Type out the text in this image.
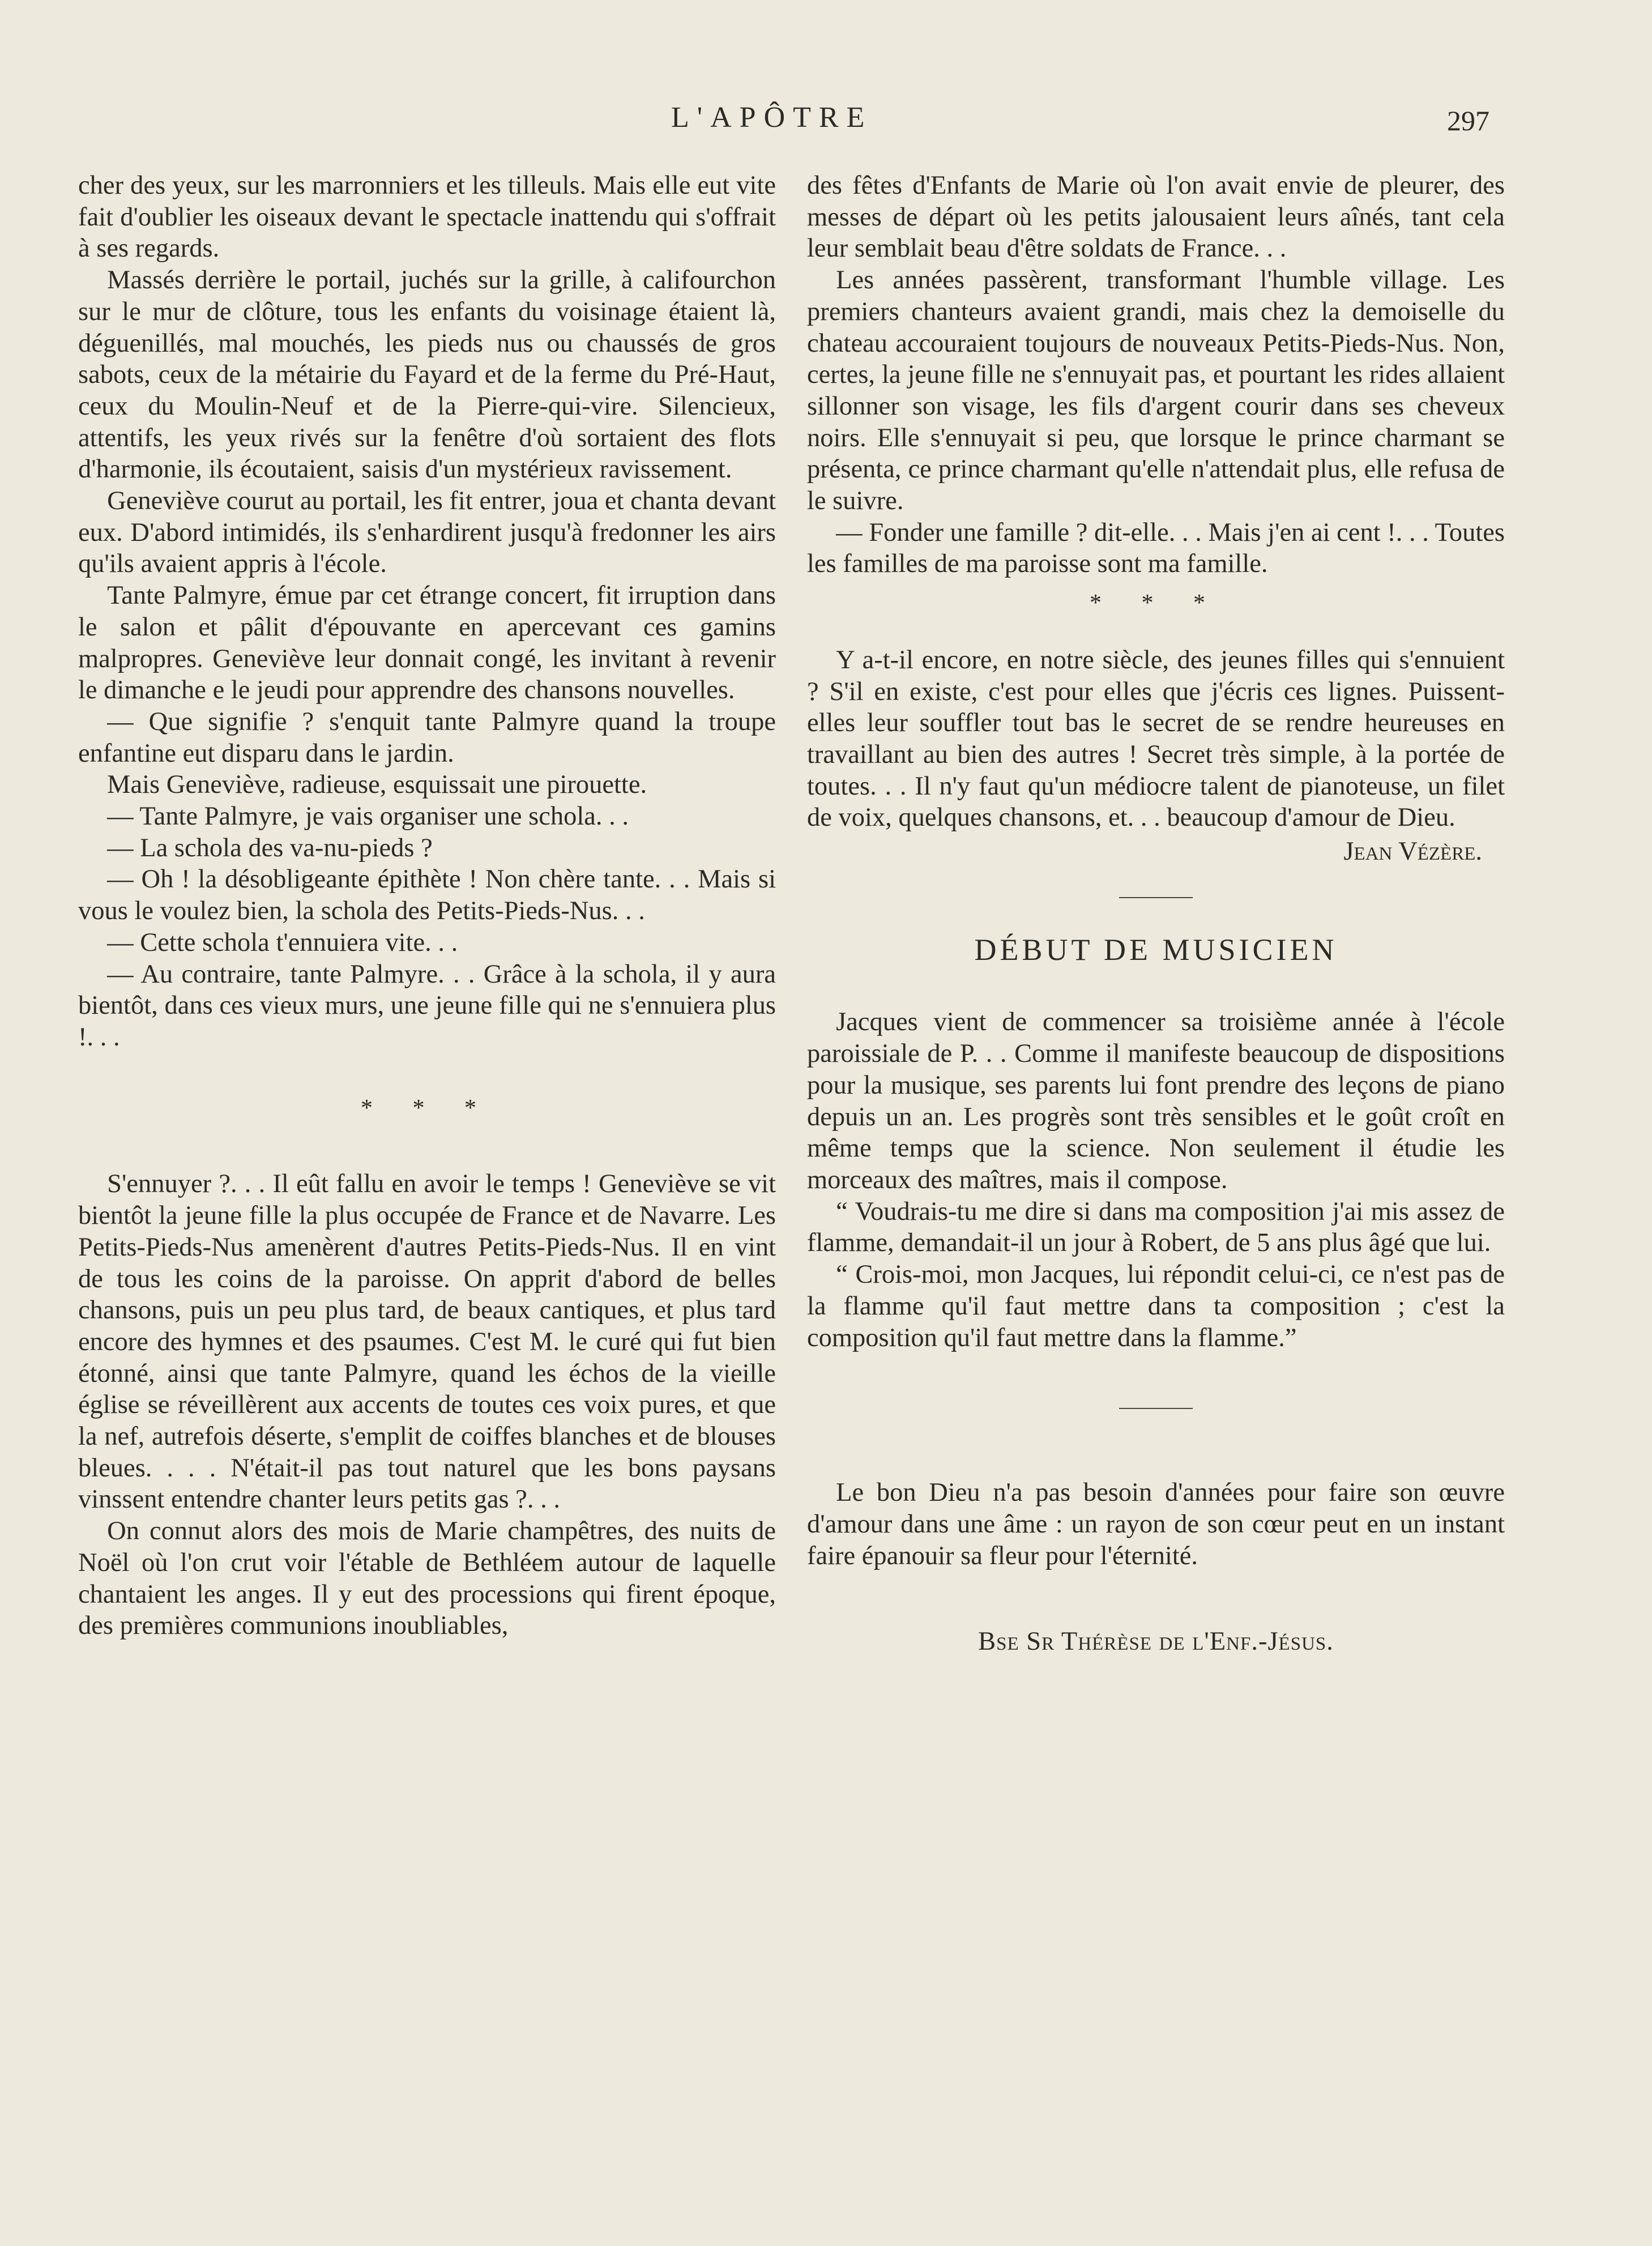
L'APÔTRE	297

cher des yeux, sur les marronniers et les tilleuls. Mais elle eut vite fait d'oublier les oiseaux devant le spectacle inattendu qui s'offrait à ses regards.

Massés derrière le portail, juchés sur la grille, à califourchon sur le mur de clôture, tous les enfants du voisinage étaient là, déguenillés, mal mouchés, les pieds nus ou chaussés de gros sabots, ceux de la métairie du Fayard et de la ferme du Pré-Haut, ceux du Moulin-Neuf et de la Pierre-qui-vire. Silencieux, attentifs, les yeux rivés sur la fenêtre d'où sortaient des flots d'harmonie, ils écoutaient, saisis d'un mystérieux ravissement.

Geneviève courut au portail, les fit entrer, joua et chanta devant eux. D'abord intimidés, ils s'enhardirent jusqu'à fredonner les airs qu'ils avaient appris à l'école.

Tante Palmyre, émue par cet étrange concert, fit irruption dans le salon et pâlit d'épouvante en apercevant ces gamins malpropres. Geneviève leur donnait congé, les invitant à revenir le dimanche e le jeudi pour apprendre des chansons nouvelles.

— Que signifie ? s'enquit tante Palmyre quand la troupe enfantine eut disparu dans le jardin.

Mais Geneviève, radieuse, esquissait une pirouette.

— Tante Palmyre, je vais organiser une schola. . .

— La schola des va-nu-pieds ?

— Oh ! la désobligeante épithète ! Non chère tante. . . Mais si vous le voulez bien, la schola des Petits-Pieds-Nus. . .

— Cette schola t'ennuiera vite. . .

— Au contraire, tante Palmyre. . . Grâce à la schola, il y aura bientôt, dans ces vieux murs, une jeune fille qui ne s'ennuiera plus !. . .

* * *

S'ennuyer ?. . . Il eût fallu en avoir le temps ! Geneviève se vit bientôt la jeune fille la plus occupée de France et de Navarre. Les Petits-Pieds-Nus amenèrent d'autres Petits-Pieds-Nus. Il en vint de tous les coins de la paroisse. On apprit d'abord de belles chansons, puis un peu plus tard, de beaux cantiques, et plus tard encore des hymnes et des psaumes. C'est M. le curé qui fut bien étonné, ainsi que tante Palmyre, quand les échos de la vieille église se réveillèrent aux accents de toutes ces voix pures, et que la nef, autrefois déserte, s'emplit de coiffes blanches et de blouses bleues. . . . N'était-il pas tout naturel que les bons paysans vinssent entendre chanter leurs petits gas ?. . .

On connut alors des mois de Marie champêtres, des nuits de Noël où l'on crut voir l'étable de Bethléem autour de laquelle chantaient les anges. Il y eut des processions qui firent époque, des premières communions inoubliables,

des fêtes d'Enfants de Marie où l'on avait envie de pleurer, des messes de départ où les petits jalousaient leurs aînés, tant cela leur semblait beau d'être soldats de France. . .

Les années passèrent, transformant l'humble village. Les premiers chanteurs avaient grandi, mais chez la demoiselle du chateau accouraient toujours de nouveaux Petits-Pieds-Nus. Non, certes, la jeune fille ne s'ennuyait pas, et pourtant les rides allaient sillonner son visage, les fils d'argent courir dans ses cheveux noirs. Elle s'ennuyait si peu, que lorsque le prince charmant se présenta, ce prince charmant qu'elle n'attendait plus, elle refusa de le suivre.

— Fonder une famille ? dit-elle. . . Mais j'en ai cent !. . . Toutes les familles de ma paroisse sont ma famille.

* * *

Y a-t-il encore, en notre siècle, des jeunes filles qui s'ennuient ? S'il en existe, c'est pour elles que j'écris ces lignes. Puissent-elles leur souffler tout bas le secret de se rendre heureuses en travaillant au bien des autres ! Secret très simple, à la portée de toutes. . . Il n'y faut qu'un médiocre talent de pianoteuse, un filet de voix, quelques chansons, et. . . beaucoup d'amour de Dieu.

Jean Vézère.
DÉBUT DE MUSICIEN

Jacques vient de commencer sa troisième année à l'école paroissiale de P. . . Comme il manifeste beaucoup de dispositions pour la musique, ses parents lui font prendre des leçons de piano depuis un an. Les progrès sont très sensibles et le goût croît en même temps que la science. Non seulement il étudie les morceaux des maîtres, mais il compose.

“ Voudrais-tu me dire si dans ma composition j'ai mis assez de flamme, demandait-il un jour à Robert, de 5 ans plus âgé que lui.

“ Crois-moi, mon Jacques, lui répondit celui-ci, ce n'est pas de la flamme qu'il faut mettre dans ta composition ; c'est la composition qu'il faut mettre dans la flamme.”

Le bon Dieu n'a pas besoin d'années pour faire son œuvre d'amour dans une âme : un rayon de son cœur peut en un instant faire épanouir sa fleur pour l'éternité.

Bse Sr Thérèse de l'Enf.-Jésus.
